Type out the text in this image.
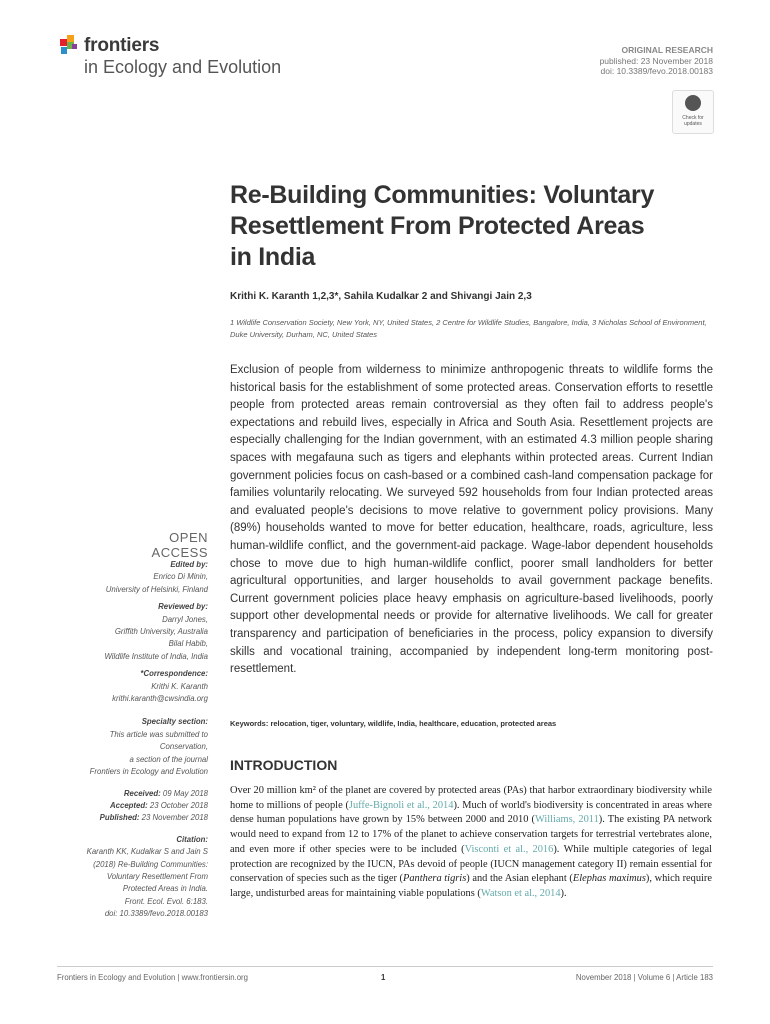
frontiers
in Ecology and Evolution
ORIGINAL RESEARCH
published: 23 November 2018
doi: 10.3389/fevo.2018.00183
Check for updates
Re-Building Communities: Voluntary
Resettlement From Protected Areas
in India
Krithi K. Karanth 1,2,3*, Sahila Kudalkar 2 and Shivangi Jain 2,3
1 Wildlife Conservation Society, New York, NY, United States, 2 Centre for Wildlife Studies, Bangalore, India, 3 Nicholas School of Environment, Duke University, Durham, NC, United States
Exclusion of people from wilderness to minimize anthropogenic threats to wildlife forms the historical basis for the establishment of some protected areas. Conservation efforts to resettle people from protected areas remain controversial as they often fail to address people's expectations and rebuild lives, especially in Africa and South Asia. Resettlement projects are especially challenging for the Indian government, with an estimated 4.3 million people sharing spaces with megafauna such as tigers and elephants within protected areas. Current Indian government policies focus on cash-based or a combined cash-land compensation package for families voluntarily relocating. We surveyed 592 households from four Indian protected areas and evaluated people's decisions to move relative to government policy provisions. Many (89%) households wanted to move for better education, healthcare, roads, agriculture, less human-wildlife conflict, and the government-aid package. Wage-labor dependent households chose to move due to high human-wildlife conflict, poorer small landholders for better agricultural opportunities, and larger households to avail government package benefits. Current government policies place heavy emphasis on agriculture-based livelihoods, poorly support other developmental needs or provide for alternative livelihoods. We call for greater transparency and participation of beneficiaries in the process, policy expansion to diversify skills and vocational training, accompanied by independent long-term monitoring post-resettlement.
Keywords: relocation, tiger, voluntary, wildlife, India, healthcare, education, protected areas
INTRODUCTION
Over 20 million km² of the planet are covered by protected areas (PAs) that harbor extraordinary biodiversity while home to millions of people (Juffe-Bignoli et al., 2014). Much of world's biodiversity is concentrated in areas where dense human populations have grown by 15% between 2000 and 2010 (Williams, 2011). The existing PA network would need to expand from 12 to 17% of the planet to achieve conservation targets for terrestrial vertebrates alone, and even more if other species were to be included (Visconti et al., 2016). While multiple categories of legal protection are recognized by the IUCN, PAs devoid of people (IUCN management category II) remain essential for conservation of species such as the tiger (Panthera tigris) and the Asian elephant (Elephas maximus), which require large, undisturbed areas for maintaining viable populations (Watson et al., 2014).
OPEN ACCESS
Edited by:
Enrico Di Minin,
University of Helsinki, Finland
Reviewed by:
Darryl Jones,
Griffith University, Australia
Bilal Habib,
Wildlife Institute of India, India
*Correspondence:
Krithi K. Karanth
krithi.karanth@cwsindia.org
Specialty section:
This article was submitted to
Conservation,
a section of the journal
Frontiers in Ecology and Evolution
Received: 09 May 2018
Accepted: 23 October 2018
Published: 23 November 2018
Citation:
Karanth KK, Kudalkar S and Jain S
(2018) Re-Building Communities:
Voluntary Resettlement From
Protected Areas in India.
Front. Ecol. Evol. 6:183.
doi: 10.3389/fevo.2018.00183
Frontiers in Ecology and Evolution | www.frontiersin.org	1	November 2018 | Volume 6 | Article 183
